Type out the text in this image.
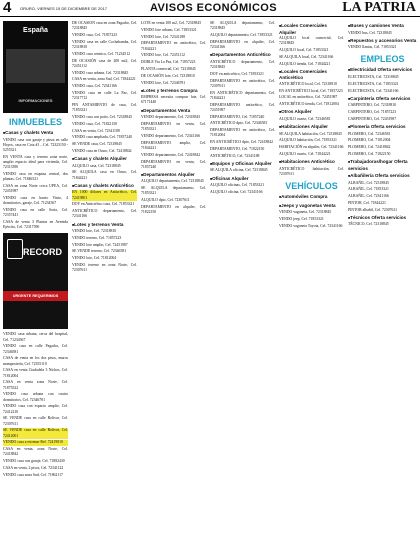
4 ORURO, VIERNES 15 DE DICIEMBRE DE 2017	AVISOS ECONÓMICOS	LA PATRIA
España
INFORMACIONES
INMUEBLES
■ Casas y chalets Venta
VENDO casa con garaje y pieza en calle Hoyos, casa en Cota #1 ...Cel. 72323150 - 5255321
EN VENTA casa y terreno zona norte, amplio espacio ideal para vivienda, Cel. 72313390
VENDO casa en esquina central, dos plantas, Cel. 71846521
CASA en zona Norte cerca UPEA, Cel. 72451987
VENDO casa en barrio Vinto, 4 dormitorios, garaje, Cel. 71234567
VENDO casa en calle Soria, Cel. 72357441
CASA de venta 3 Plantas en Avenida Ejército, Cel. 72317590
RECORD
URGENTE REQUERIMOS
VENDO casa urbana, cerca del hospital, Cel. 71234567
VENDO casa en calle Pagador, Cel. 72346581
CASA de venta en los dos pisos, muros mampostería, Cel. 72355110
CASA en venta Ciudadela 3 Nichos, Cel. 71812004
CASA en venta zona Norte, Cel. 71875522
VENDO casa urbana con cuatro dormitorios, Cel. 72346781
VENDO casa con espacio amplio, Cel. 72412210
SE VENDE casa en calle Bolivar, Cel. 72307611
SE VENDE casa en calle Bolivar, Cel. 72412001
VENDO casa a estrenar Ref. 72419810
CASA en venta, zona Norte, Cel. 72418842
VENDO casa con garaje, Cel. 71882430
CASA en venta, 2 pisos, Cel. 72341122
VENDO casa zona Sud, Cel. 71862117
DE OCASIÓN casa en zona Pagador, Cel. 72318845
VENDO casa, Cel. 71857223
VENDO casa en calle Cochabamba, Cel. 72318810
VENDO casa centrica, Cel. 71234512
DE OCASIÓN casa de 200 mt2, Cel. 72451112
VENDO casa urbana, Cel. 72318845
CASA en venta, zona Sud, Cel. 71844221
VENDO casa, Cel. 72341166
VENDO casa en calle La Paz, Cel. 72317712
PIN ANTAMIENTO de casa, Cel. 71853321
VENDO casa con patio, Cel. 72318845
VENDO casa, Cel. 71822150
CASA en venta, Cel. 72341188
VENDO casa ampliada, Cel. 71857240
SE VENDE casa, Cel. 72318845
VENDO casa en Oruro, Cel. 72418842
■ Casas y chalets Alquiler
ALQUILO casa, Cel. 72318845
SE ALQUILA casa en Oruro, Cel. 71844221
■ Casas y chalets Anticrético
EN 1000 dólares en Anticrético, Cel. 72419801
DOY en Anticrético casa, Cel. 71853321
ANTICRÉTICO departamento, Cel. 72341166
■ Lotes y terrenos Venta
VENDO lote, Cel. 72318810
VENDO terreno, Cel. 71857223
VENDO lote amplio, Cel. 72451987
SE VENDE terreno, Cel. 72346581
VENDO lote, Cel. 71812004
VENDO terreno en zona Norte, Cel. 72307611
LOTE en venta 100 m2, Cel. 72318845
VENDO lote urbano, Cel. 71853321
VENDO lote, Cel. 72341188
DEPARTAMENTO en anticrético, Cel. 71844221
VENDO lote, Cel. 72451112
DOBLE Via La Paz, Cel. 71857223
PLANTA comercial, Cel. 72318845
DE OCASIÓN lote, Cel. 72318810
VENDO lote, Cel. 72346781
■ Lotes y terrenos Compra
EMPRESA necesita comprar lote, Cel. 67171440
■ Departamentos Venta
VENDO departamento, Cel. 72318845
DEPARTAMENTO en venta, Cel. 71853321
VENDO departamento, Cel. 72341166
DEPARTAMENTO amplio, Cel. 71844221
VENDO departamento, Cel. 72418842
DEPARTAMENTO en venta, Cel. 71857240
■ Departamentos Alquiler
ALQUILO departamento, Cel. 72318845
SE ALQUILA departamento, Cel. 71853321
ALQUILO dpto, Cel. 72307611
DEPARTAMENTO en alquiler, Cel. 71822150
SE ALQUILA departamento, Cel. 72318845
ALQUILO departamento, Cel. 71853321
DEPARTAMENTO en alquiler, Cel. 72341166
■ Departamentos Anticrético
ANTICRÉTICO departamento, Cel. 72318845
DOY en anticrético, Cel. 71853321
DEPARTAMENTO en anticrético, Cel. 72307611
EN ANTICRÉTICO departamento, Cel. 71844221
DEPARTAMENTO anticrético, Cel. 72451987
DEPARTAMENTO, Cel. 71857240
ANTICRÉTICO dpto, Cel. 72346581
DEPARTAMENTO en anticrético, Cel. 71812004
EN ANTICRÉTICO dpto, Cel. 72418842
DEPARTAMENTO, Cel. 71822150
ANTICRÉTICO, Cel. 72341188
■ Equipos y Oficinas Alquiler
SE ALQUILA oficina, Cel. 72318845
■ Oficinas Alquiler
ALQUILO oficinas, Cel. 71853321
ALQUILO oficina, Cel. 72341166
■ Locales Comerciales Alquiler
ALQUILO local comercial, Cel. 72318845
ALQUILO local, Cel. 71853321
SE ALQUILA local, Cel. 72341166
ALQUILO tienda, Cel. 71844221
■ Locales Comerciales Anticrético
ANTICRÉTICO local, Cel. 72318810
EN ANTICRÉTICO local, Cel. 71857223
LOCAL en anticrético, Cel. 72451987
ANTICRÉTICO tienda, Cel. 71812004
■ Otros Alquiler
ALQUILO cuarto, Cel. 72346581
■ Habitaciones Alquiler
SE ALQUILA habitación, Cel. 72318845
ALQUILO habitación, Cel. 71853321
HABITACIÓN en alquiler, Cel. 72341166
ALQUILO cuarto, Cel. 71844221
■ Habitaciones Anticrético
ANTICRÉTICO habitación, Cel. 72307611
VEHÍCULOS
■ Automóviles Compra
■ Jeeps y vagonetas Venta
VENDO vagoneta, Cel. 72318845
VENDO jeep, Cel. 71853321
VENDO vagoneta Toyota, Cel. 72341166
■ Buses y camiones Venta
VENDO bus, Cel. 72318845
■ Repuestos y accesorios Venta
VENDO llantas, Cel. 71853321
EMPLEOS
■ Electricidad Oferta servicios
ELECTRICISTA, Cel. 72318845
ELECTRICISTA, Cel. 71853321
ELECTRICISTA, Cel. 72341166
■ Carpintería Oferta servicios
CARPINTERO, Cel. 72318810
CARPINTERO, Cel. 71857223
CARPINTERO, Cel. 72451987
■ Plomería Oferta servicios
PLOMERO, Cel. 72346581
PLOMERO, Cel. 71812004
PLOMERO, Cel. 72418842
PLOMERO, Cel. 71822150
■ Trabajadoras/hogar Oferta servicios
■ Albañilería Oferta servicios
ALBAÑIL, Cel. 72318845
ALBAÑIL, Cel. 71853321
ALBAÑIL, Cel. 72341166
PINTOR, Cel. 71844221
PINTOR albañil, Cel. 72307611
■ Técnicos Oferta servicios
TÉCNICO, Cel. 72318845
